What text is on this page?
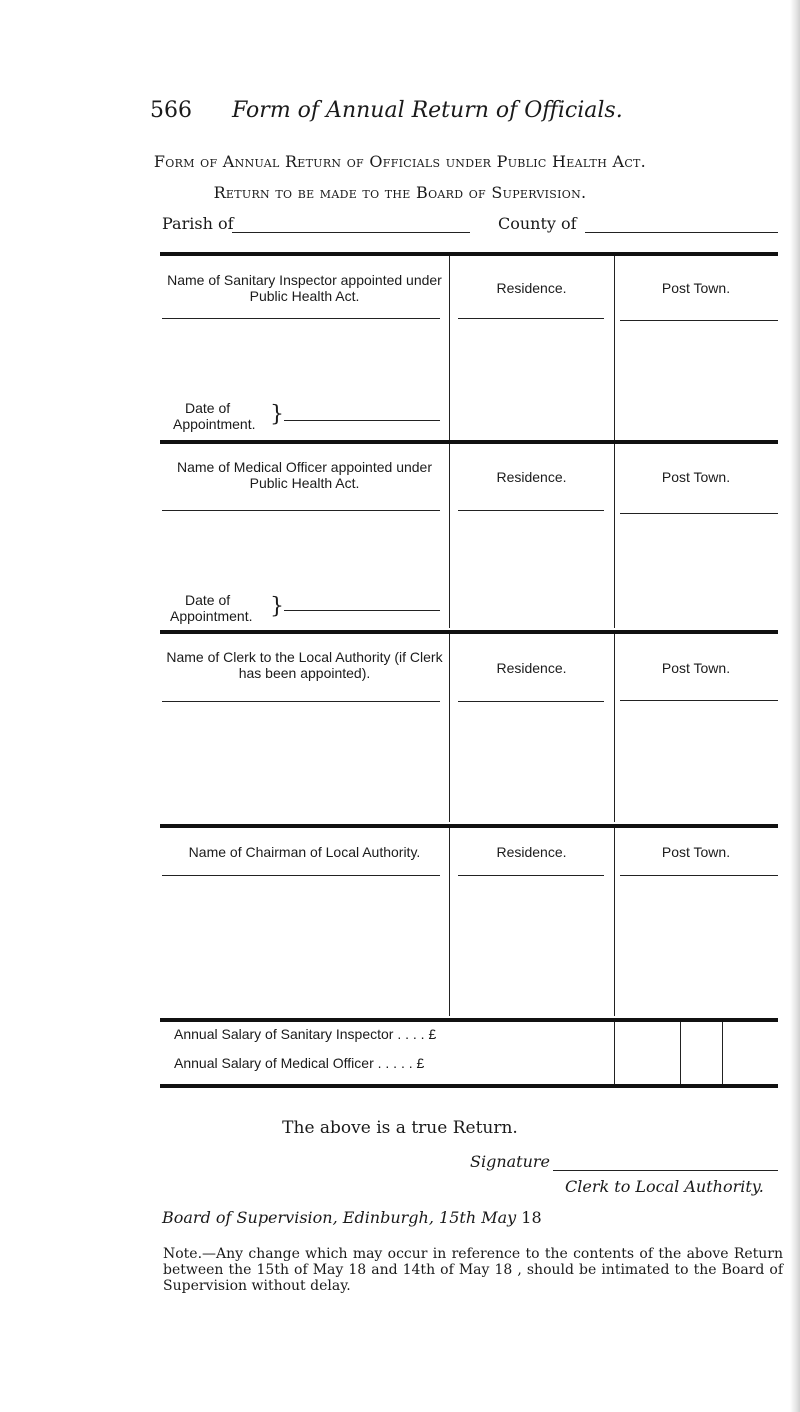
566 Form of Annual Return of Officials.
Form of Annual Return of Officials under Public Health Act.
Return to be made to the Board of Supervision.
Parish of	County of
Name of Sanitary Inspector appointed under Public Health Act.	Residence.	Post Town.
Date of
Appointment. }
Name of Medical Officer appointed under Public Health Act.	Residence.	Post Town.
Date of
Appointment. }
Name of Clerk to the Local Authority (if Clerk has been appointed).	Residence.	Post Town.
Name of Chairman of Local Authority.	Residence.	Post Town.
Annual Salary of Sanitary Inspector . . . . £
Annual Salary of Medical Officer . . . . . £
The above is a true Return.
Signature
Clerk to Local Authority.
Board of Supervision, Edinburgh, 15th May 18
Note.—Any change which may occur in reference to the contents of the above Return between the 15th of May 18 and 14th of May 18 , should be intimated to the Board of Supervision without delay.
